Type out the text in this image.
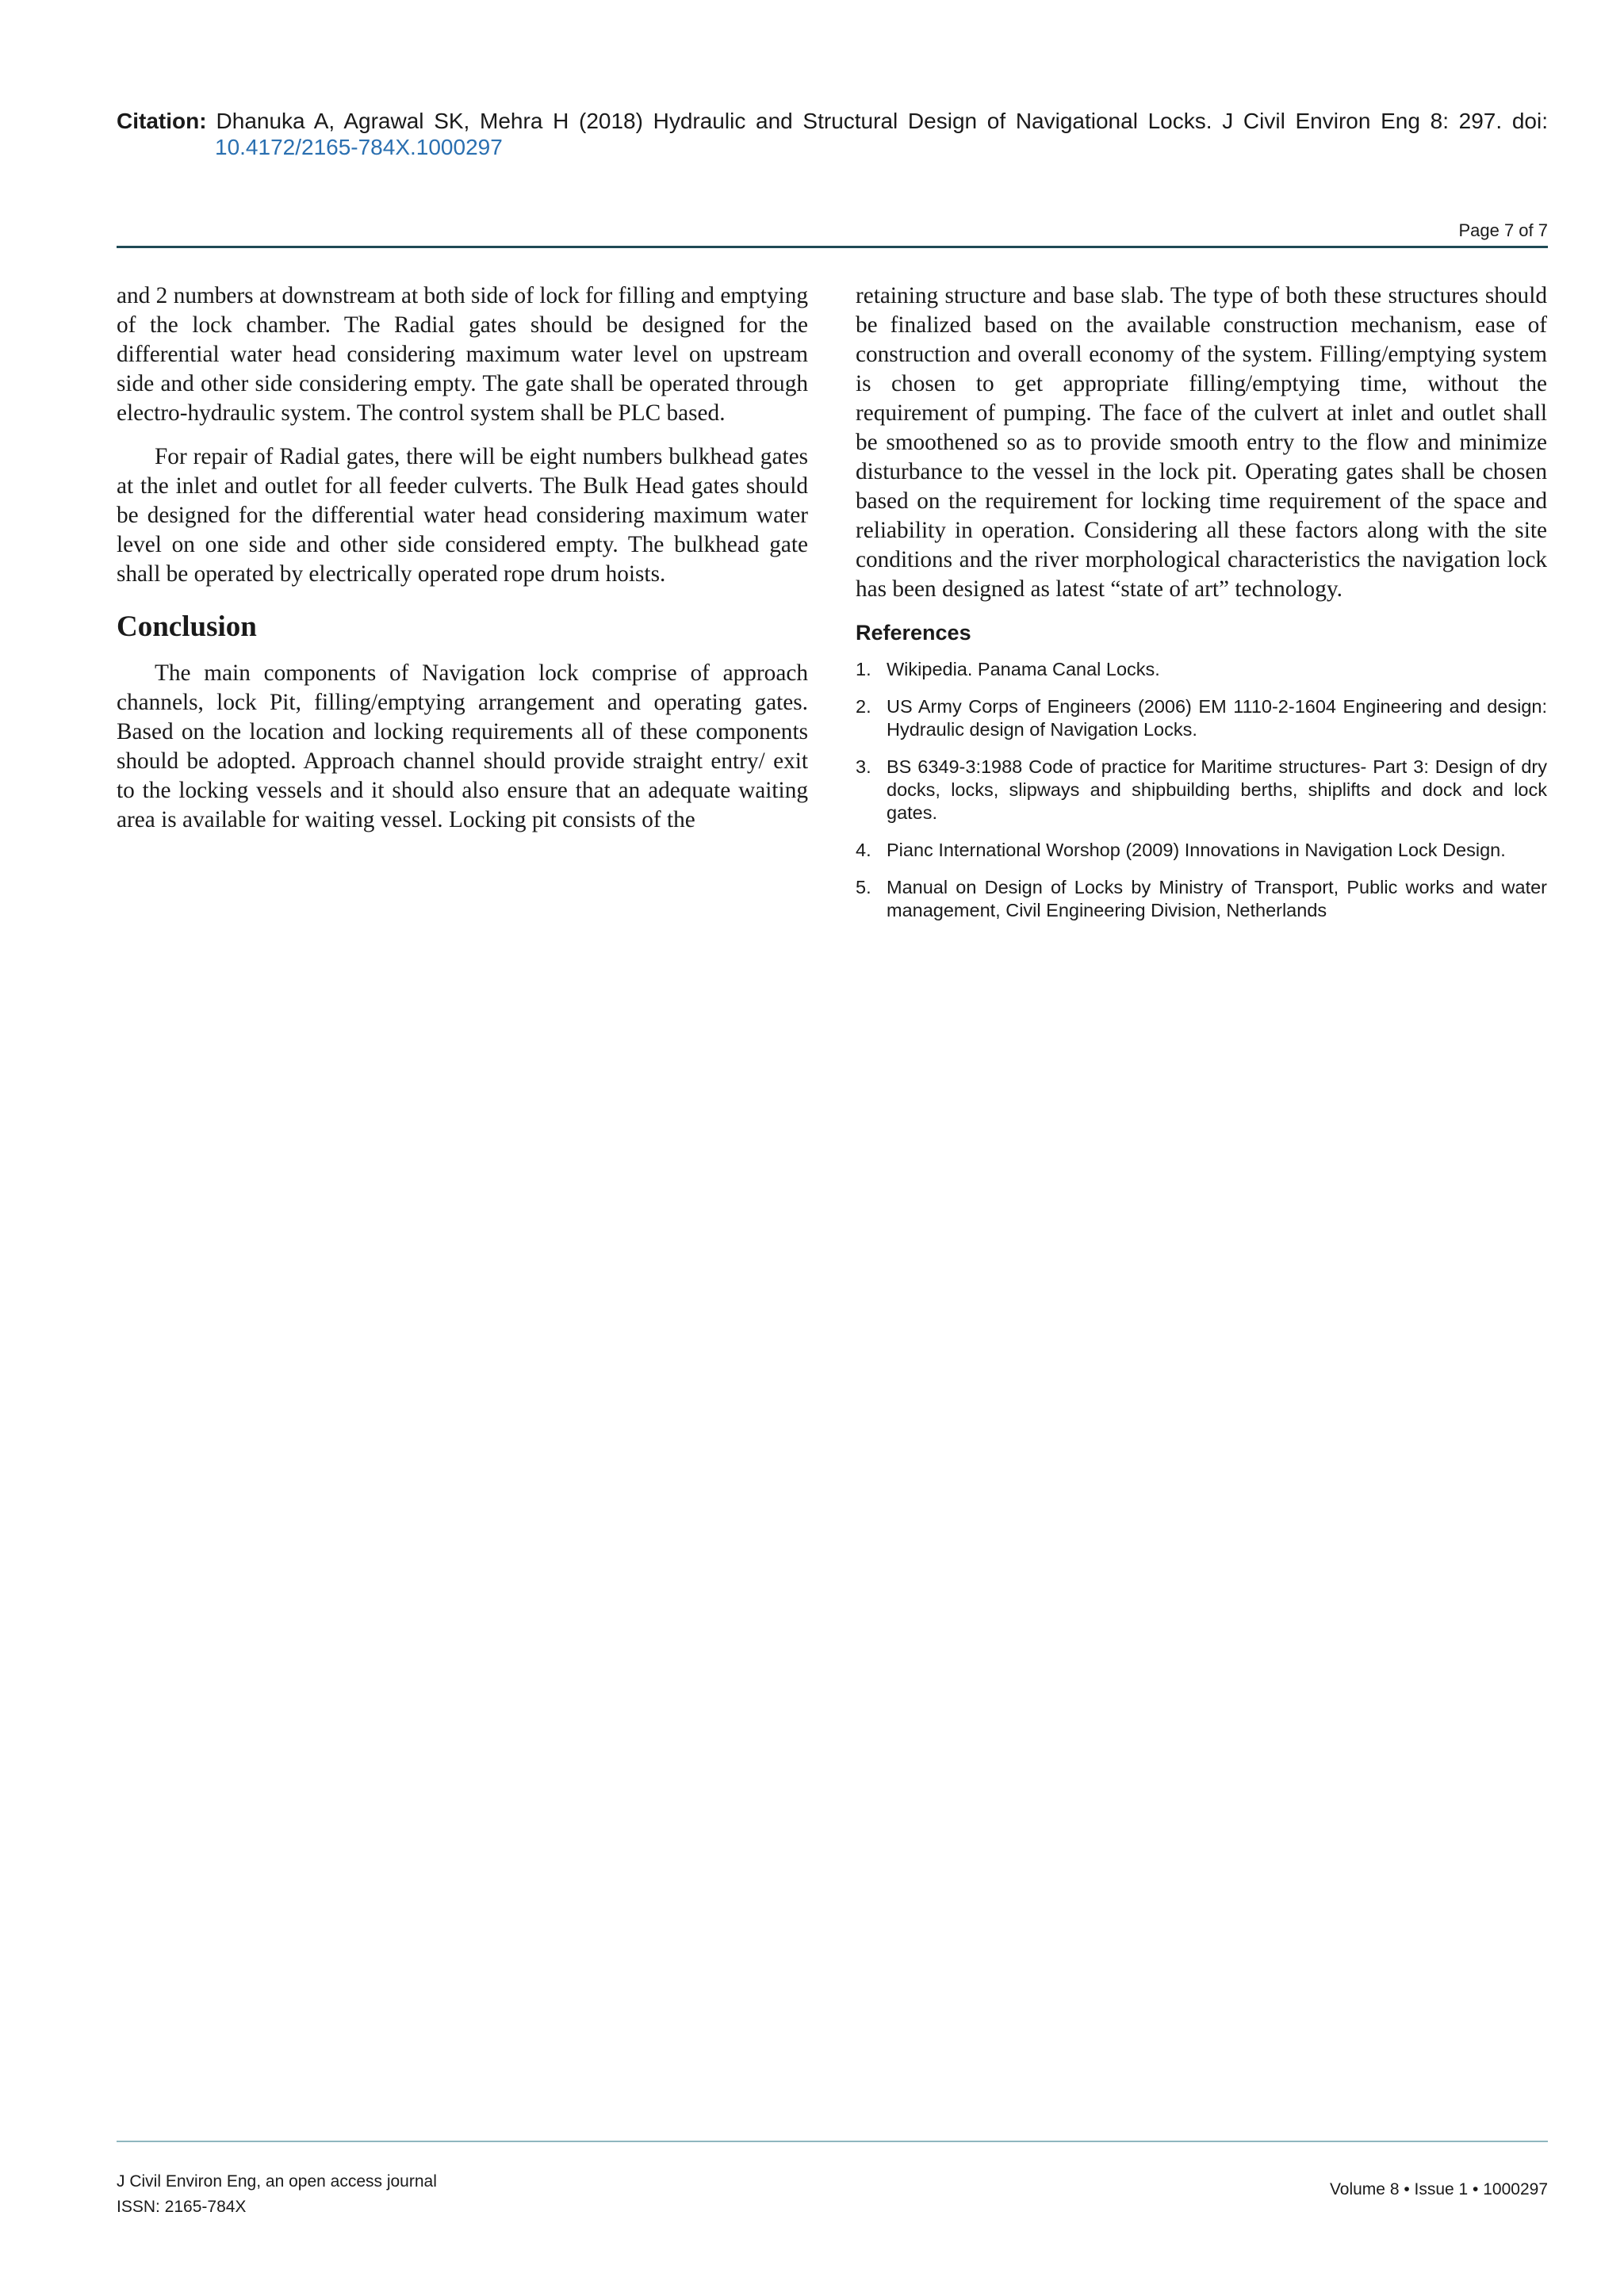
Citation: Dhanuka A, Agrawal SK, Mehra H (2018) Hydraulic and Structural Design of Navigational Locks. J Civil Environ Eng 8: 297. doi:
10.4172/2165-784X.1000297
Page 7 of 7

and 2 numbers at downstream at both side of lock for filling and emptying of the lock chamber. The Radial gates should be designed for the differential water head considering maximum water level on upstream side and other side considering empty. The gate shall be operated through electro-hydraulic system. The control system shall be PLC based.

For repair of Radial gates, there will be eight numbers bulkhead gates at the inlet and outlet for all feeder culverts. The Bulk Head gates should be designed for the differential water head considering maximum water level on one side and other side considered empty. The bulkhead gate shall be operated by electrically operated rope drum hoists.

Conclusion

The main components of Navigation lock comprise of approach channels, lock Pit, filling/emptying arrangement and operating gates. Based on the location and locking requirements all of these components should be adopted. Approach channel should provide straight entry/ exit to the locking vessels and it should also ensure that an adequate waiting area is available for waiting vessel. Locking pit consists of the

retaining structure and base slab. The type of both these structures should be finalized based on the available construction mechanism, ease of construction and overall economy of the system. Filling/emptying system is chosen to get appropriate filling/emptying time, without the requirement of pumping. The face of the culvert at inlet and outlet shall be smoothened so as to provide smooth entry to the flow and minimize disturbance to the vessel in the lock pit. Operating gates shall be chosen based on the requirement for locking time requirement of the space and reliability in operation. Considering all these factors along with the site conditions and the river morphological characteristics the navigation lock has been designed as latest “state of art” technology.

References
1. Wikipedia. Panama Canal Locks.
2. US Army Corps of Engineers (2006) EM 1110-2-1604 Engineering and design: Hydraulic design of Navigation Locks.
3. BS 6349-3:1988 Code of practice for Maritime structures- Part 3: Design of dry docks, locks, slipways and shipbuilding berths, shiplifts and dock and lock gates.
4. Pianc International Worshop (2009) Innovations in Navigation Lock Design.
5. Manual on Design of Locks by Ministry of Transport, Public works and water management, Civil Engineering Division, Netherlands
J Civil Environ Eng, an open access journal
ISSN: 2165-784X
Volume 8 • Issue 1 • 1000297
